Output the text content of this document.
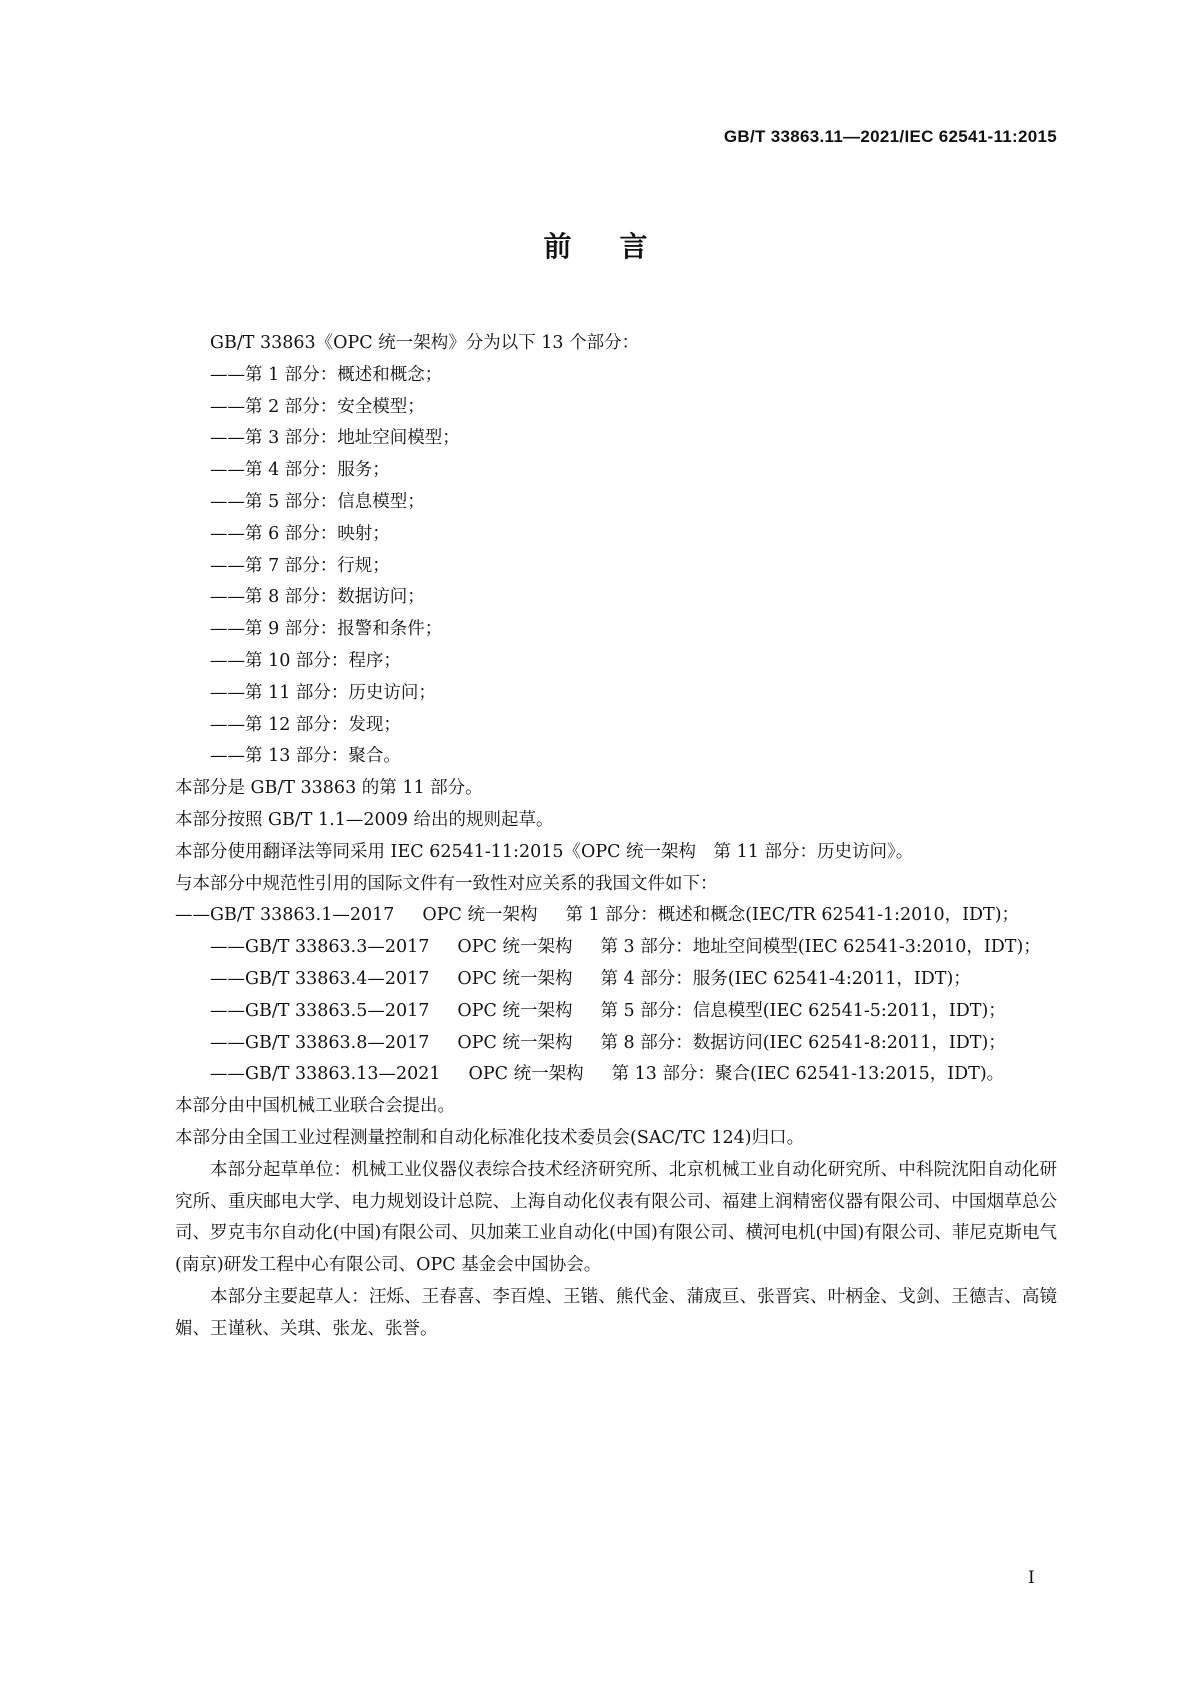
GB/T 33863.11—2021/IEC 62541-11:2015
前言

GB/T 33863《OPC 统一架构》分为以下 13 个部分：

——第 1 部分：概述和概念；

——第 2 部分：安全模型；

——第 3 部分：地址空间模型；

——第 4 部分：服务；

——第 5 部分：信息模型；

——第 6 部分：映射；

——第 7 部分：行规；

——第 8 部分：数据访问；

——第 9 部分：报警和条件；

——第 10 部分：程序；

——第 11 部分：历史访问；

——第 12 部分：发现；

——第 13 部分：聚合。

本部分是 GB/T 33863 的第 11 部分。

本部分按照 GB/T 1.1—2009 给出的规则起草。

本部分使用翻译法等同采用 IEC 62541-11:2015《OPC 统一架构　第 11 部分：历史访问》。

与本部分中规范性引用的国际文件有一致性对应关系的我国文件如下：

——GB/T 33863.1—2017 OPC 统一架构 第 1 部分：概述和概念(IEC/TR 62541-1:2010，IDT)；

——GB/T 33863.3—2017 OPC 统一架构 第 3 部分：地址空间模型(IEC 62541-3:2010，IDT)；

——GB/T 33863.4—2017 OPC 统一架构 第 4 部分：服务(IEC 62541-4:2011，IDT)；

——GB/T 33863.5—2017 OPC 统一架构 第 5 部分：信息模型(IEC 62541-5:2011，IDT)；

——GB/T 33863.8—2017 OPC 统一架构 第 8 部分：数据访问(IEC 62541-8:2011，IDT)；

——GB/T 33863.13—2021 OPC 统一架构 第 13 部分：聚合(IEC 62541-13:2015，IDT)。

本部分由中国机械工业联合会提出。

本部分由全国工业过程测量控制和自动化标准化技术委员会(SAC/TC 124)归口。

本部分起草单位：机械工业仪器仪表综合技术经济研究所、北京机械工业自动化研究所、中科院沈阳自动化研究所、重庆邮电大学、电力规划设计总院、上海自动化仪表有限公司、福建上润精密仪器有限公司、中国烟草总公司、罗克韦尔自动化(中国)有限公司、贝加莱工业自动化(中国)有限公司、横河电机(中国)有限公司、菲尼克斯电气(南京)研发工程中心有限公司、OPC 基金会中国协会。

本部分主要起草人：汪烁、王春喜、李百煌、王锴、熊代金、蒲宬亘、张晋宾、叶柄金、戈剑、王德吉、高镜媚、王谨秋、关琪、张龙、张誉。

I
